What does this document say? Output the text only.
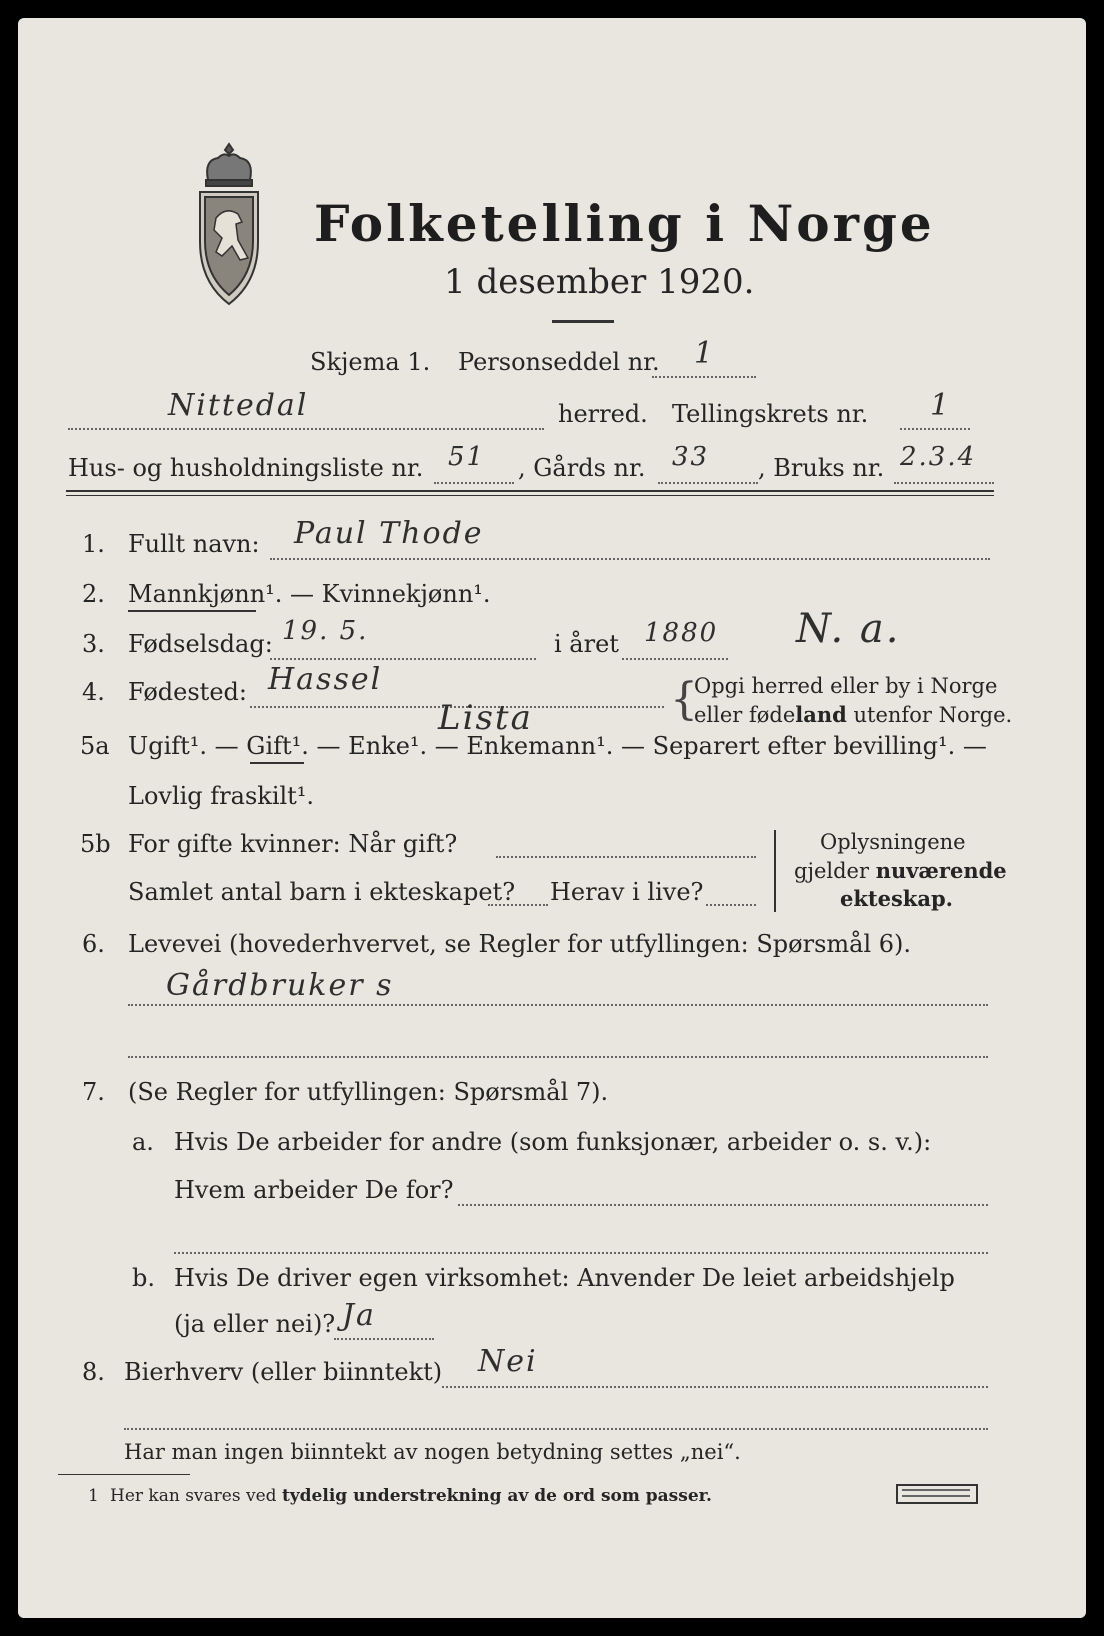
Folketelling i Norge
1 desember 1920.
Skjema 1. Personseddel nr. 1
Nittedal	herred. Tellingskrets nr. 1
Hus- og husholdningsliste nr. 51 , Gårds nr. 33 , Bruks nr. 2.3.4
1. Fullt navn: Paul Thode
2. Mannkjønn¹. — Kvinnekjønn¹.
3. Fødselsdag: 19. 5.	i året 1880 N. a.
4. Fødested: Hassel
Lista	{
Opgi herred eller by i Norge
eller fødeland utenfor Norge.
5a Ugift¹. — Gift¹. — Enke¹. — Enkemann¹. — Separert efter bevilling¹. —
Lovlig fraskilt¹.
5b For gifte kvinner: Når gift?
Samlet antal barn i ekteskapet? Herav i live?
Oplysningene
gjelder nuværende
ekteskap.
6. Levevei (hovederhvervet, se Regler for utfyllingen: Spørsmål 6).
Gårdbruker s
7. (Se Regler for utfyllingen: Spørsmål 7).
a. Hvis De arbeider for andre (som funksjonær, arbeider o. s. v.):
Hvem arbeider De for?
b. Hvis De driver egen virksomhet: Anvender De leiet arbeidshjelp
(ja eller nei)? Ja
8. Bierhverv (eller biinntekt) Nei
Har man ingen biinntekt av nogen betydning settes „nei“.
1 Her kan svares ved tydelig understrekning av de ord som passer.
